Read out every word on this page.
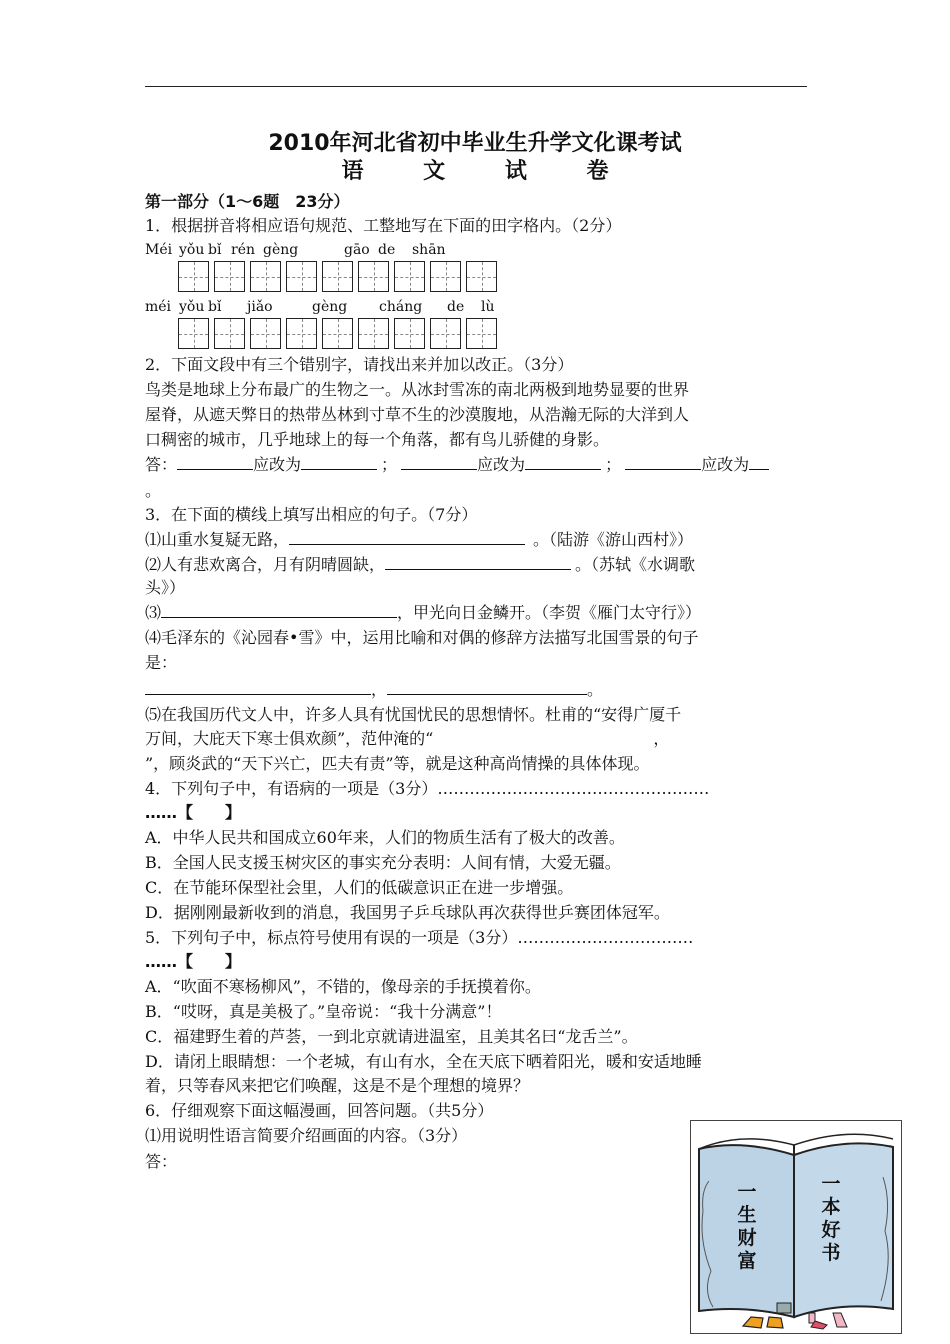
2010年河北省初中毕业生升学文化课考试
语 文 试 卷
第一部分（1～6题　23分）
1．根据拼音将相应语句规范、工整地写在下面的田字格内。（2分）
Méi yǒu bǐ rén gèng	gāo de shān
méi yǒu bǐ jiǎo	gèng cháng de lù
2．下面文段中有三个错别字，请找出来并加以改正。（3分）
鸟类是地球上分布最广的生物之一。从冰封雪冻的南北两极到地势显要的世界
屋脊，从遮天弊日的热带丛林到寸草不生的沙漠腹地，从浩瀚无际的大洋到人
口稠密的城市，几乎地球上的每一个角落，都有鸟儿骄健的身影。
答：	应改为	；	应改为	；	应改为
。
3．在下面的横线上填写出相应的句子。（7分）
⑴山重水复疑无路，	。（陆游《游山西村》）
⑵人有悲欢离合，月有阴晴圆缺，	。（苏轼《水调歌
头》）
⑶	，甲光向日金鳞开。（李贺《雁门太守行》）
⑷毛泽东的《沁园春•雪》中，运用比喻和对偶的修辞方法描写北国雪景的句子
是：
，	。
⑸在我国历代文人中，许多人具有忧国忧民的思想情怀。杜甫的“安得广厦千
万间，大庇天下寒士俱欢颜”，范仲淹的“	，
”，顾炎武的“天下兴亡，匹夫有责”等，就是这种高尚情操的具体体现。
4．下列句子中，有语病的一项是（3分）……………………………………………
……【　　】
A．中华人民共和国成立60年来，人们的物质生活有了极大的改善。
B．全国人民支援玉树灾区的事实充分表明：人间有情，大爱无疆。
C．在节能环保型社会里，人们的低碳意识正在进一步增强。
D．据刚刚最新收到的消息，我国男子乒乓球队再次获得世乒赛团体冠军。
5．下列句子中，标点符号使用有误的一项是（3分）……………………………
……【　　】
A．“吹面不寒杨柳风”，不错的，像母亲的手抚摸着你。
B．“哎呀，真是美极了。”皇帝说：“我十分满意”！
C．福建野生着的芦荟，一到北京就请进温室，且美其名曰“龙舌兰”。
D．请闭上眼睛想：一个老城，有山有水，全在天底下晒着阳光，暖和安适地睡
着，只等春风来把它们唤醒，这是不是个理想的境界？
6．仔细观察下面这幅漫画，回答问题。（共5分）
⑴用说明性语言简要介绍画面的内容。（3分）
答：
一生财富
一本好书
